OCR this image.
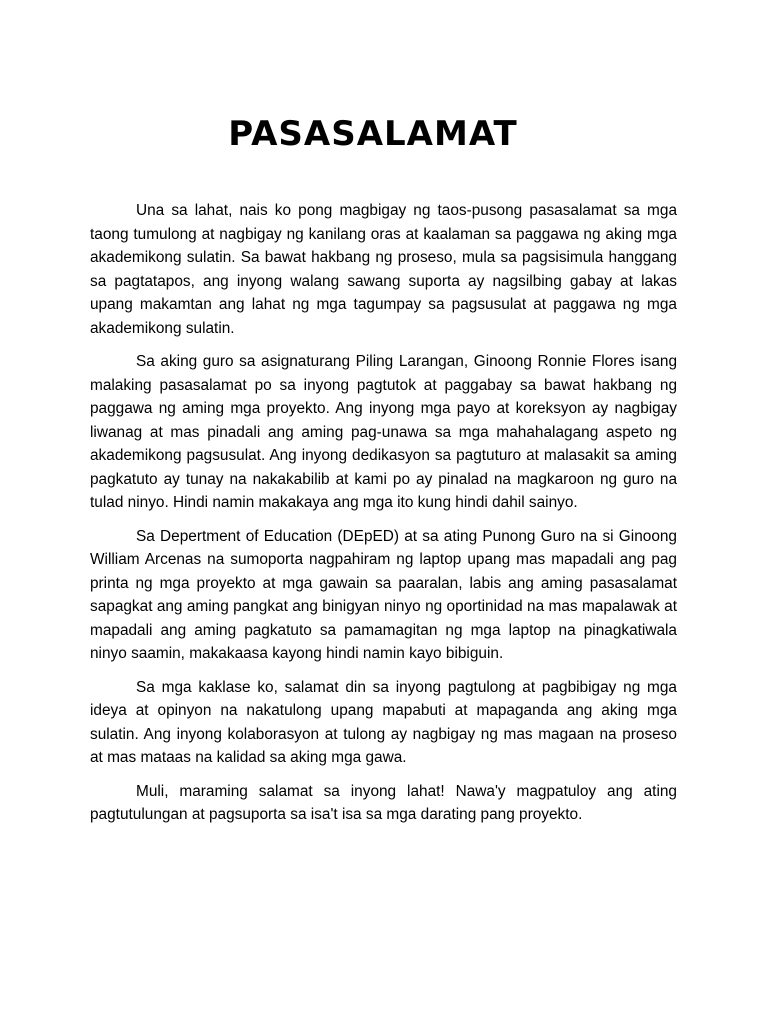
PASASALAMAT

Una sa lahat, nais ko pong magbigay ng taos-pusong pasasalamat sa mga taong tumulong at nagbigay ng kanilang oras at kaalaman sa paggawa ng aking mga akademikong sulatin. Sa bawat hakbang ng proseso, mula sa pagsisimula hanggang sa pagtatapos, ang inyong walang sawang suporta ay nagsilbing gabay at lakas upang makamtan ang lahat ng mga tagumpay sa pagsusulat at paggawa ng mga akademikong sulatin.

Sa aking guro sa asignaturang Piling Larangan, Ginoong Ronnie Flores isang malaking pasasalamat po sa inyong pagtutok at paggabay sa bawat hakbang ng paggawa ng aming mga proyekto. Ang inyong mga payo at koreksyon ay nagbigay liwanag at mas pinadali ang aming pag-unawa sa mga mahahalagang aspeto ng akademikong pagsusulat. Ang inyong dedikasyon sa pagtuturo at malasakit sa aming pagkatuto ay tunay na nakakabilib at kami po ay pinalad na magkaroon ng guro na tulad ninyo. Hindi namin makakaya ang mga ito kung hindi dahil sainyo.

Sa Depertment of Education (DEpED) at sa ating Punong Guro na si Ginoong William Arcenas na sumoporta nagpahiram ng laptop upang mas mapadali ang pag printa ng mga proyekto at mga gawain sa paaralan, labis ang aming pasasalamat sapagkat ang aming pangkat ang binigyan ninyo ng oportinidad na mas mapalawak at mapadali ang aming pagkatuto sa pamamagitan ng mga laptop na pinagkatiwala ninyo saamin, makakaasa kayong hindi namin kayo bibiguin.

Sa mga kaklase ko, salamat din sa inyong pagtulong at pagbibigay ng mga ideya at opinyon na nakatulong upang mapabuti at mapaganda ang aking mga sulatin. Ang inyong kolaborasyon at tulong ay nagbigay ng mas magaan na proseso at mas mataas na kalidad sa aking mga gawa.

Muli, maraming salamat sa inyong lahat! Nawa'y magpatuloy ang ating pagtutulungan at pagsuporta sa isa't isa sa mga darating pang proyekto.
